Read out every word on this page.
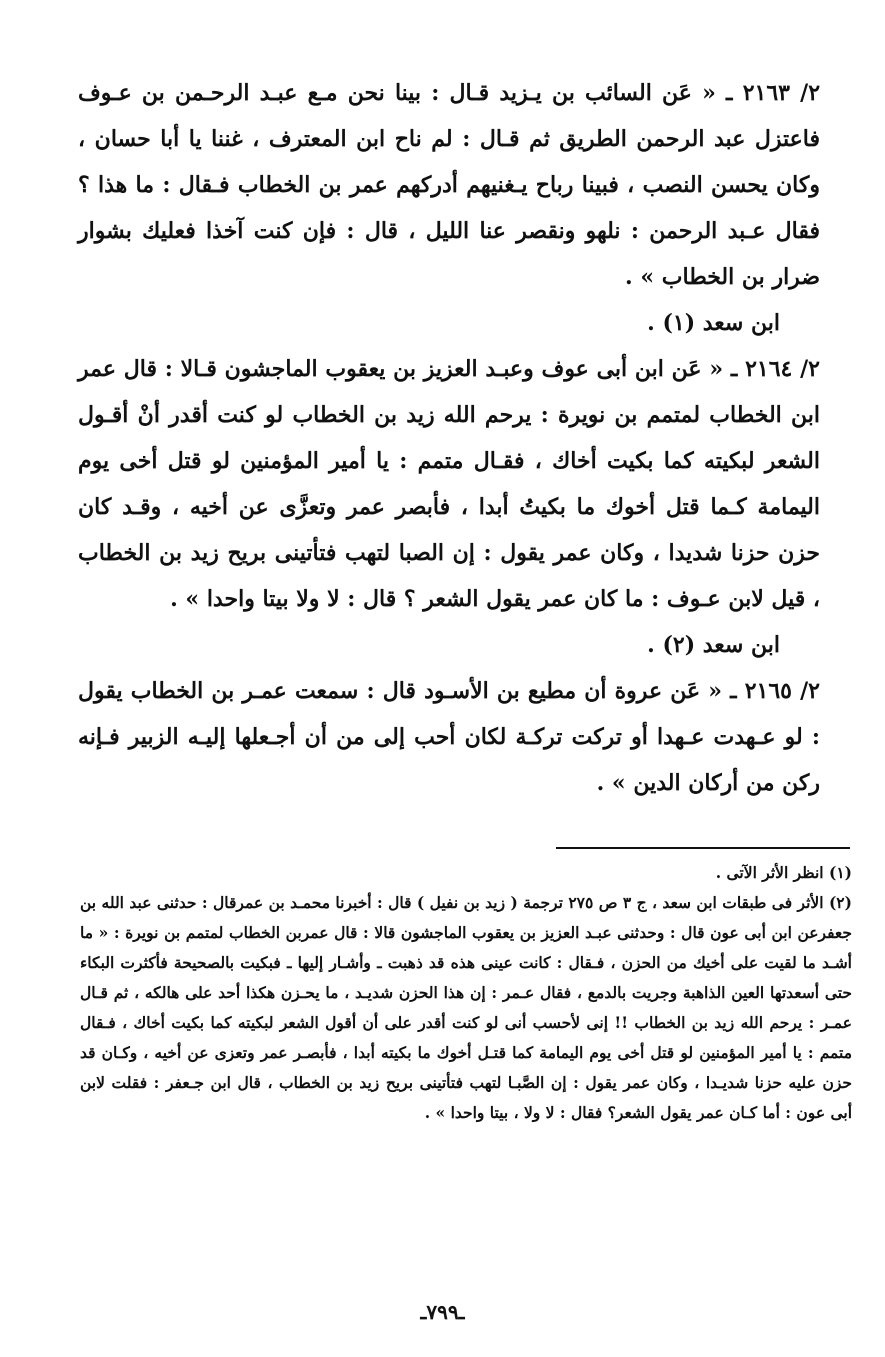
٢/ ٢١٦٣ ـ « عَن السائب بن يـزيد قـال : بينا نحن مـع عبـد الرحـمن بن عـوف فاعتزل عبد الرحمن الطريق ثم قـال : لم ناح ابن المعترف ، غننا يا أبا حسان ، وكان يحسن النصب ، فبينا رباح يـغنيهم أدركهم عمر بن الخطاب فـقال : ما هذا ؟ فقال عـبد الرحمن : نلهو ونقصر عنا الليل ، قال : فإن كنت آخذا فعليك بشوار ضرار بن الخطاب » .

ابن سعد (١) .

٢/ ٢١٦٤ ـ « عَن ابن أبى عوف وعبـد العزيز بن يعقوب الماجشون قـالا : قال عمر ابن الخطاب لمتمم بن نويرة : يرحم الله زيد بن الخطاب لو كنت أقدر أنْ أقـول الشعر لبكيته كما بكيت أخاك ، فقـال متمم : يا أمير المؤمنين لو قتل أخى يوم اليمامة كـما قتل أخوك ما بكيتُ أبدا ، فأبصر عمر وتعزَّى عن أخيه ، وقـد كان حزن حزنا شديدا ، وكان عمر يقول : إن الصبا لتهب فتأتينى بريح زيد بن الخطاب ، قيل لابن عـوف : ما كان عمر يقول الشعر ؟ قال : لا ولا بيتا واحدا » .

ابن سعد (٢) .

٢/ ٢١٦٥ ـ « عَن عروة أن مطيع بن الأسـود قال : سمعت عمـر بن الخطاب يقول : لو عـهدت عـهدا أو تركت تركـة لكان أحب إلى من أن أجـعلها إليـه الزبير فـإنه ركن من أركان الدين » .

(١) انظر الأثر الآتى .

(٢) الأثر فى طبقات ابن سعد ، ج ٣ ص ٢٧٥ ترجمة ( زيد بن نفيل ) قال : أخبرنا محمـد بن عمرقال : حدثنى عبد الله بن جعفرعن ابن أبى عون قال : وحدثنى عبـد العزيز بن يعقوب الماجشون قالا : قال عمربن الخطاب لمتمم بن نويرة : « ما أشـد ما لقيت على أخيك من الحزن ، فـقال : كانت عينى هذه قد ذهبت ـ وأشـار إليها ـ فبكيت بالصحيحة فأكثرت البكاء حتى أسعدتها العين الذاهبة وجريت بالدمع ، فقال عـمر : إن هذا الحزن شديـد ، ما يحـزن هكذا أحد على هالكه ، ثم قـال عمـر : يرحم الله زيد بن الخطاب !! إنى لأحسب أنى لو كنت أقدر على أن أقول الشعر لبكيته كما بكيت أخاك ، فـقال متمم : يا أمير المؤمنين لو قتل أخى يوم اليمامة كما قتـل أخوك ما بكيته أبدا ، فأبصـر عمر وتعزى عن أخيه ، وكـان قد حزن عليه حزنا شديـدا ، وكان عمر يقول : إن الصَّبـا لتهب فتأتينى بريح زيد بن الخطاب ، قال ابن جـعفر : فقلت لابن أبى عون : أما كـان عمر يقول الشعر؟ فقال : لا ولا ، بيتا واحدا » .

ـ٧٩٩ـ
